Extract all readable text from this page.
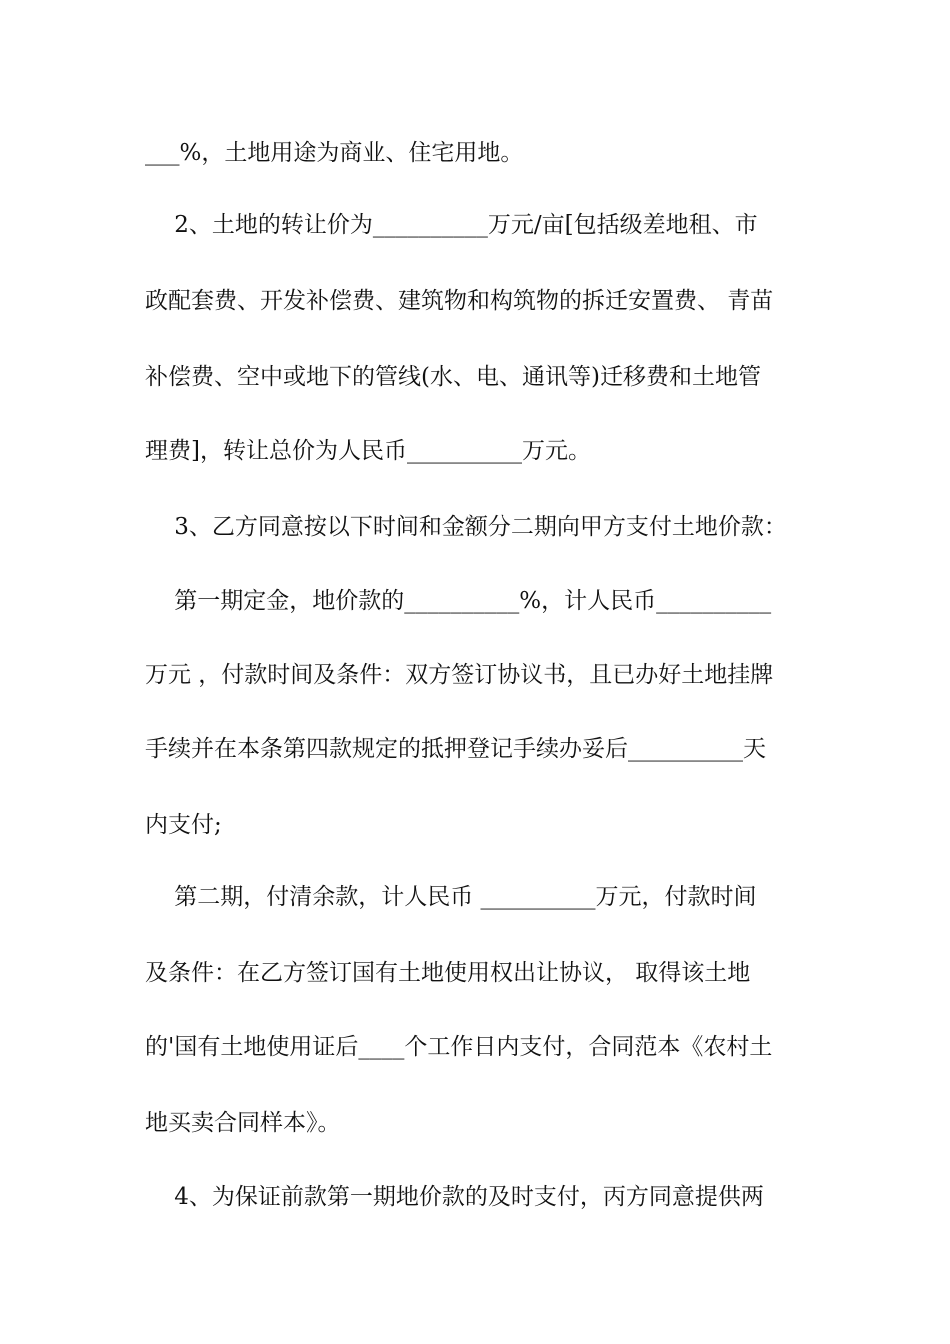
___%，土地用途为商业、住宅用地。
2、土地的转让价为__________万元/亩[包括级差地租、市
政配套费、开发补偿费、建筑物和构筑物的拆迁安置费、 青苗
补偿费、空中或地下的管线(水、电、通讯等)迁移费和土地管
理费]，转让总价为人民币__________万元。
3、乙方同意按以下时间和金额分二期向甲方支付土地价款：
第一期定金，地价款的__________%，计人民币__________
万元 ，付款时间及条件：双方签订协议书，且已办好土地挂牌
手续并在本条第四款规定的抵押登记手续办妥后__________天
内支付;
第二期，付清余款，计人民币 __________万元，付款时间
及条件：在乙方签订国有土地使用权出让协议， 取得该土地
的'国有土地使用证后____个工作日内支付，合同范本《农村土
地买卖合同样本》。
4、为保证前款第一期地价款的及时支付，丙方同意提供两
